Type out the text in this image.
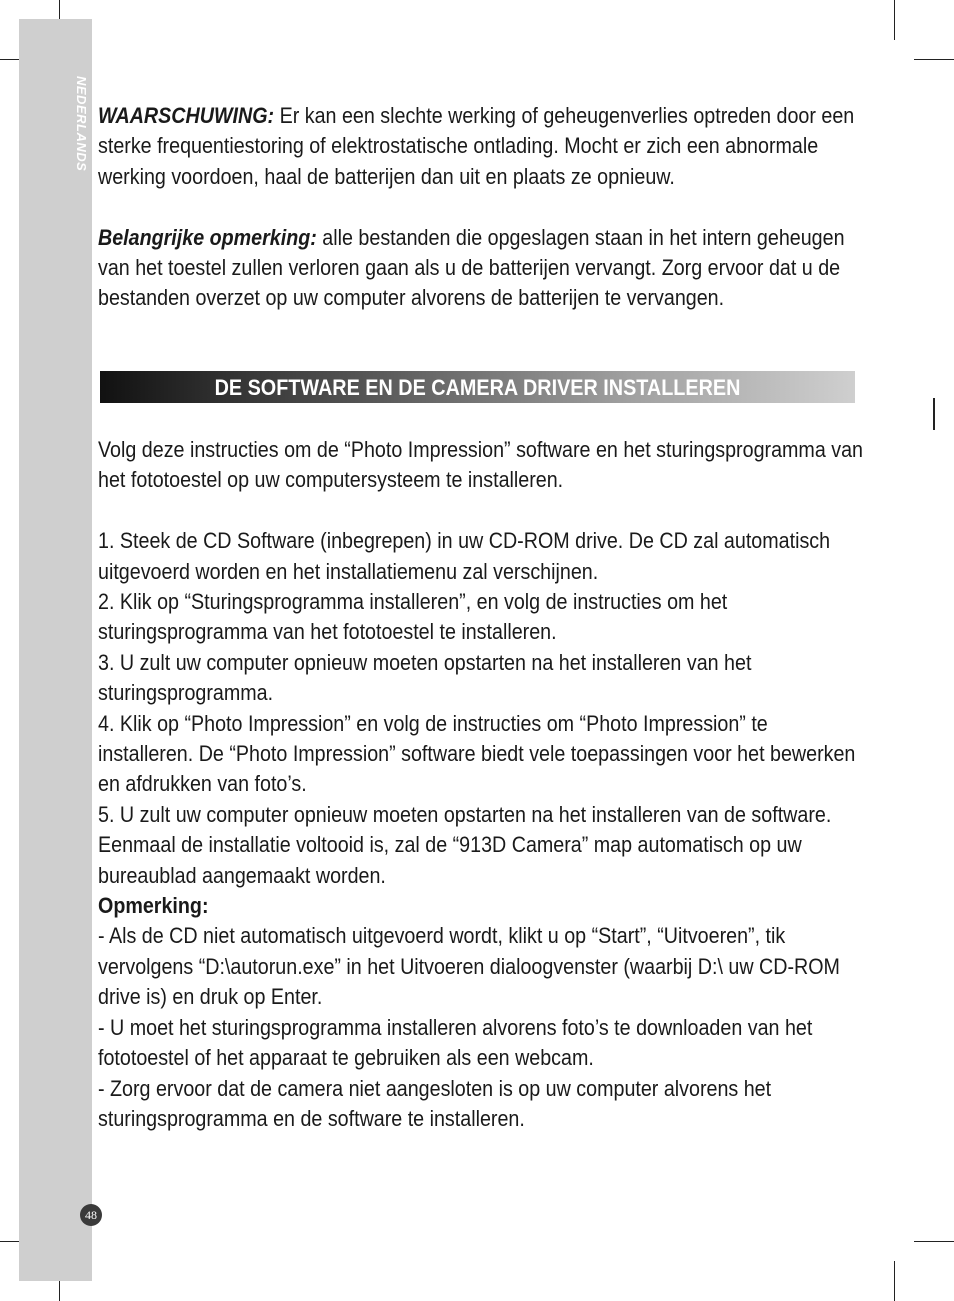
NEDERLANDS
48

WAARSCHUWING: Er kan een slechte werking of geheugenverlies optreden door een sterke frequentiestoring of elektrostatische ontlading. Mocht er zich een abnormale werking voordoen, haal de batterijen dan uit en plaats ze opnieuw.

Belangrijke opmerking: alle bestanden die opgeslagen staan in het intern geheugen van het toestel zullen verloren gaan als u de batterijen vervangt. Zorg ervoor dat u de bestanden overzet op uw computer alvorens de batterijen te vervangen.

DE SOFTWARE EN DE CAMERA DRIVER INSTALLEREN

Volg deze instructies om de “Photo Impression” software en het sturingsprogramma van het fototoestel op uw computersysteem te installeren.

1. Steek de CD Software (inbegrepen) in uw CD-ROM drive. De CD zal automatisch uitgevoerd worden en het installatiemenu zal verschijnen.

2. Klik op “Sturingsprogramma installeren”, en volg de instructies om het sturingsprogramma van het fototoestel te installeren.

3. U zult uw computer opnieuw moeten opstarten na het installeren van het sturingsprogramma.

4. Klik op “Photo Impression” en volg de instructies om “Photo Impression” te installeren. De “Photo Impression” software biedt vele toepassingen voor het bewerken en afdrukken van foto’s.

5. U zult uw computer opnieuw moeten opstarten na het installeren van de software. Eenmaal de installatie voltooid is, zal de “913D Camera” map automatisch op uw bureaublad aangemaakt worden.

Opmerking:

- Als de CD niet automatisch uitgevoerd wordt, klikt u op “Start”, “Uitvoeren”, tik vervolgens “D:\autorun.exe” in het Uitvoeren dialoogvenster (waarbij D:\ uw CD-ROM drive is) en druk op Enter.

- U moet het sturingsprogramma installeren alvorens foto’s te downloaden van het fototoestel of het apparaat te gebruiken als een webcam.

- Zorg ervoor dat de camera niet aangesloten is op uw computer alvorens het sturingsprogramma en de software te installeren.
